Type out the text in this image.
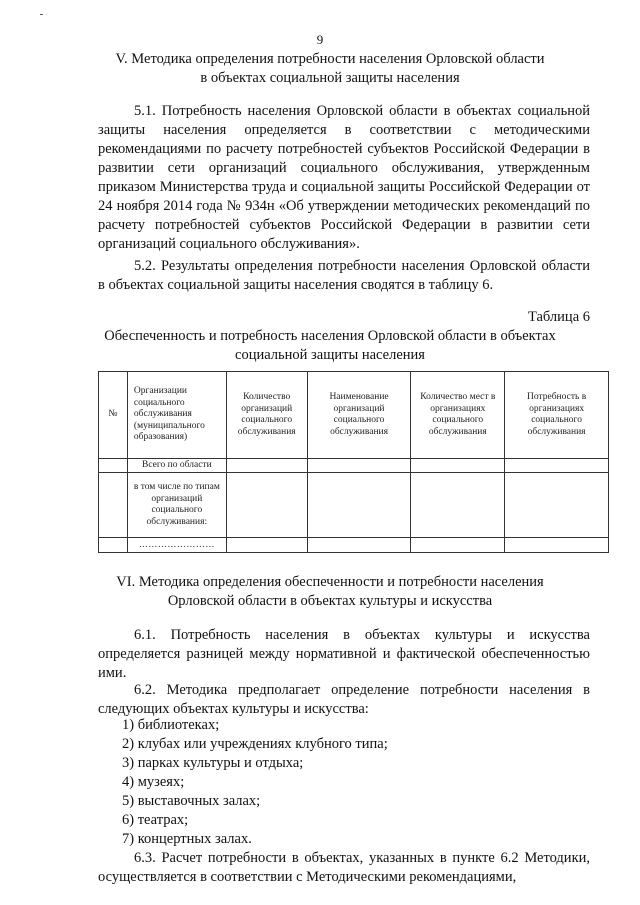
9
V. Методика определения потребности населения Орловской области
в объектах социальной защиты населения
5.1. Потребность населения Орловской области в объектах социальной защиты населения определяется в соответствии с методическими рекомендациями по расчету потребностей субъектов Российской Федерации в развитии сети организаций социального обслуживания, утвержденным приказом Министерства труда и социальной защиты Российской Федерации от 24 ноября 2014 года № 934н «Об утверждении методических рекомендаций по расчету потребностей субъектов Российской Федерации в развитии сети организаций социального обслуживания».
5.2. Результаты определения потребности населения Орловской области в объектах социальной защиты населения сводятся в таблицу 6.
Таблица 6
Обеспеченность и потребность населения Орловской области в объектах
социальной защиты населения
№	Организации социального обслуживания (муниципального образования)	Количество организаций социального обслуживания	Наименование организаций социального обслуживания	Количество мест в организациях социального обслуживания	Потребность в организациях социального обслуживания
	Всего по области				
	в том числе по типам организаций социального обслуживания:				
	……………………				
VI. Методика определения обеспеченности и потребности населения
Орловской области в объектах культуры и искусства
6.1. Потребность населения в объектах культуры и искусства определяется разницей между нормативной и фактической обеспеченностью ими.
6.2. Методика предполагает определение потребности населения в следующих объектах культуры и искусства:
1) библиотеках;
2) клубах или учреждениях клубного типа;
3) парках культуры и отдыха;
4) музеях;
5) выставочных залах;
6) театрах;
7) концертных залах.
6.3. Расчет потребности в объектах, указанных в пункте 6.2 Методики, осуществляется в соответствии с Методическими рекомендациями,
